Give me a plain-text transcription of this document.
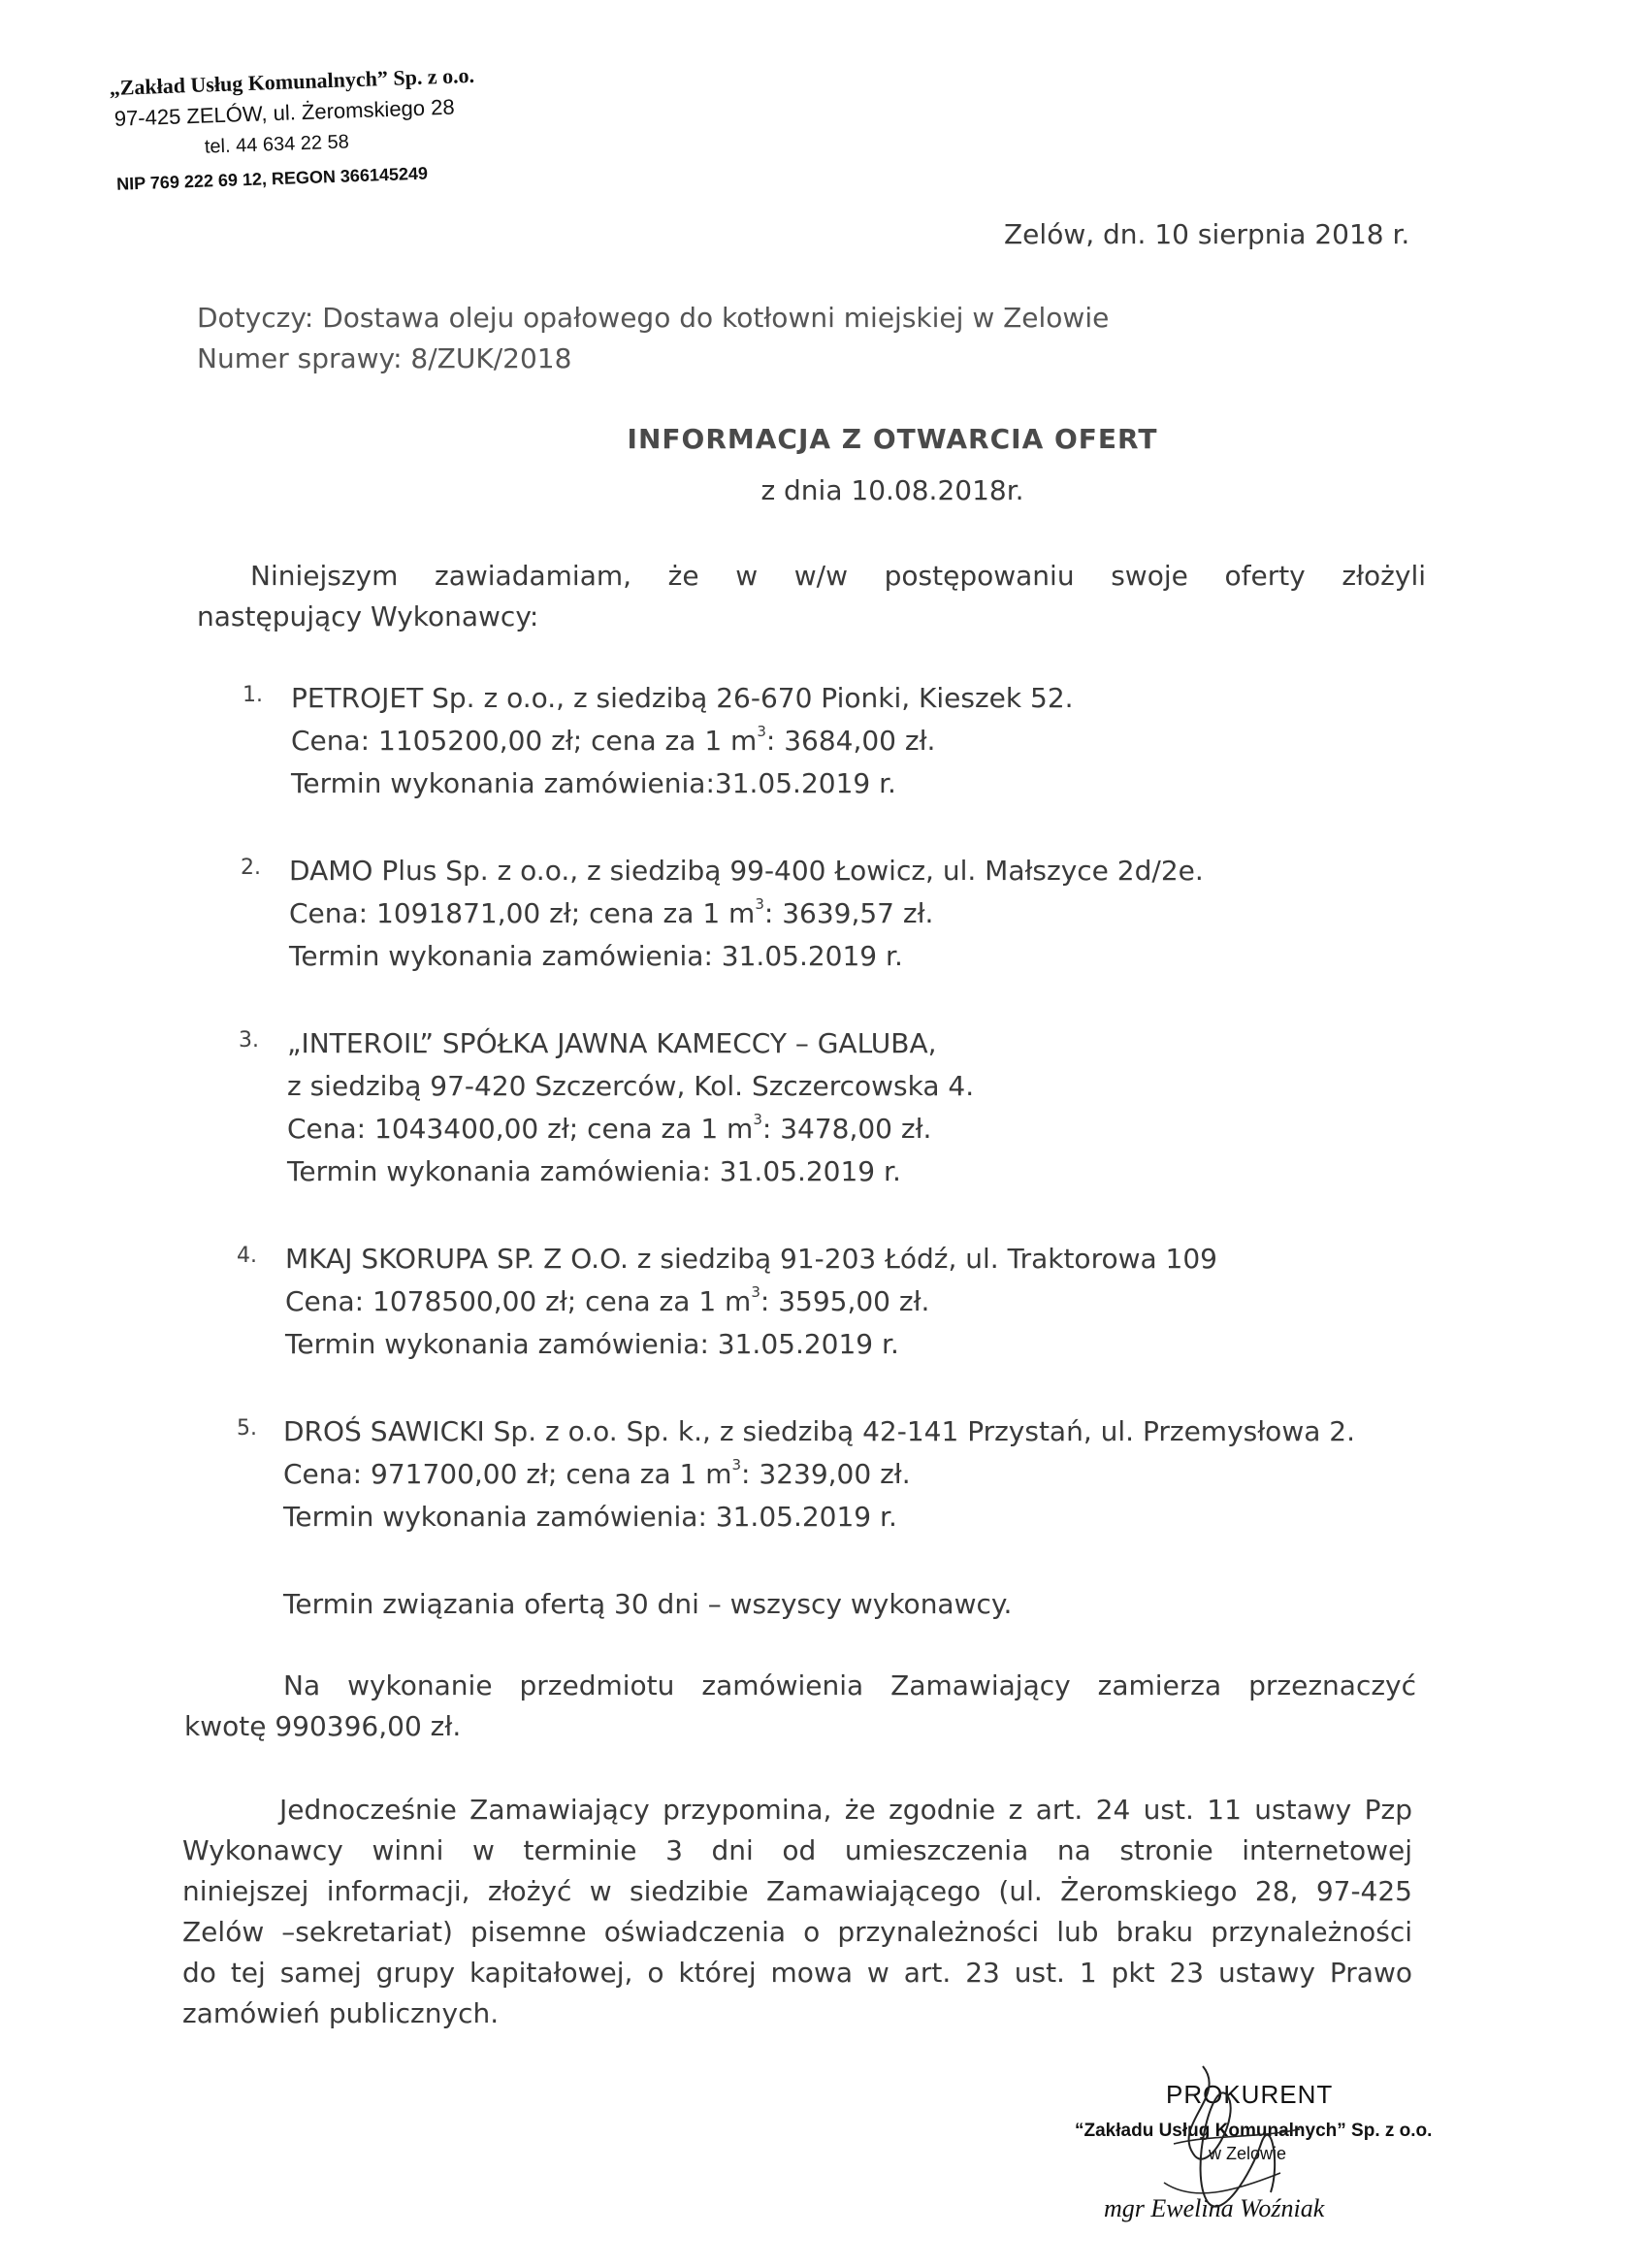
„Zakład Usług Komunalnych” Sp. z o.o.
97-425 ZELÓW, ul. Żeromskiego 28
tel. 44 634 22 58
NIP 769 222 69 12, REGON 366145249
Zelów, dn. 10 sierpnia 2018 r.
Dotyczy: Dostawa oleju opałowego do kotłowni miejskiej w Zelowie
Numer sprawy: 8/ZUK/2018
INFORMACJA Z OTWARCIA OFERT
z dnia 10.08.2018r.
Niniejszym zawiadamiam, że w w/w postępowaniu swoje oferty złożyli
następujący Wykonawcy:
1. PETROJET Sp. z o.o., z siedzibą 26-670 Pionki, Kieszek 52.
Cena: 1105200,00 zł; cena za 1 $m^3$: 3684,00 zł.
Termin wykonania zamówienia:31.05.2019 r.
2. DAMO Plus Sp. z o.o., z siedzibą 99-400 Łowicz, ul. Małszyce 2d/2e.
Cena: 1091871,00 zł; cena za 1 $m^3$: 3639,57 zł.
Termin wykonania zamówienia: 31.05.2019 r.
3. „INTEROIL” SPÓŁKA JAWNA KAMECCY – GALUBA,
z siedzibą 97-420 Szczerców, Kol. Szczercowska 4.
Cena: 1043400,00 zł; cena za 1 $m^3$: 3478,00 zł.
Termin wykonania zamówienia: 31.05.2019 r.
4. MKAJ SKORUPA SP. Z O.O. z siedzibą 91-203 Łódź, ul. Traktorowa 109
Cena: 1078500,00 zł; cena za 1 $m^3$: 3595,00 zł.
Termin wykonania zamówienia: 31.05.2019 r.
5. DROŚ SAWICKI Sp. z o.o. Sp. k., z siedzibą 42-141 Przystań, ul. Przemysłowa 2.
Cena: 971700,00 zł; cena za 1 $m^3$: 3239,00 zł.
Termin wykonania zamówienia: 31.05.2019 r.
Termin związania ofertą 30 dni – wszyscy wykonawcy.
Na wykonanie przedmiotu zamówienia Zamawiający zamierza przeznaczyć
kwotę 990396,00 zł.
Jednocześnie Zamawiający przypomina, że zgodnie z art. 24 ust. 11 ustawy Pzp
Wykonawcy winni w terminie 3 dni od umieszczenia na stronie internetowej
niniejszej informacji, złożyć w siedzibie Zamawiającego (ul. Żeromskiego 28, 97-425
Zelów –sekretariat) pisemne oświadczenia o przynależności lub braku przynależności
do tej samej grupy kapitałowej, o której mowa w art. 23 ust. 1 pkt 23 ustawy Prawo
zamówień publicznych.
PROKURENT
“Zakładu Usług Komunalnych” Sp. z o.o.
w Zelowie
mgr Ewelina Woźniak
